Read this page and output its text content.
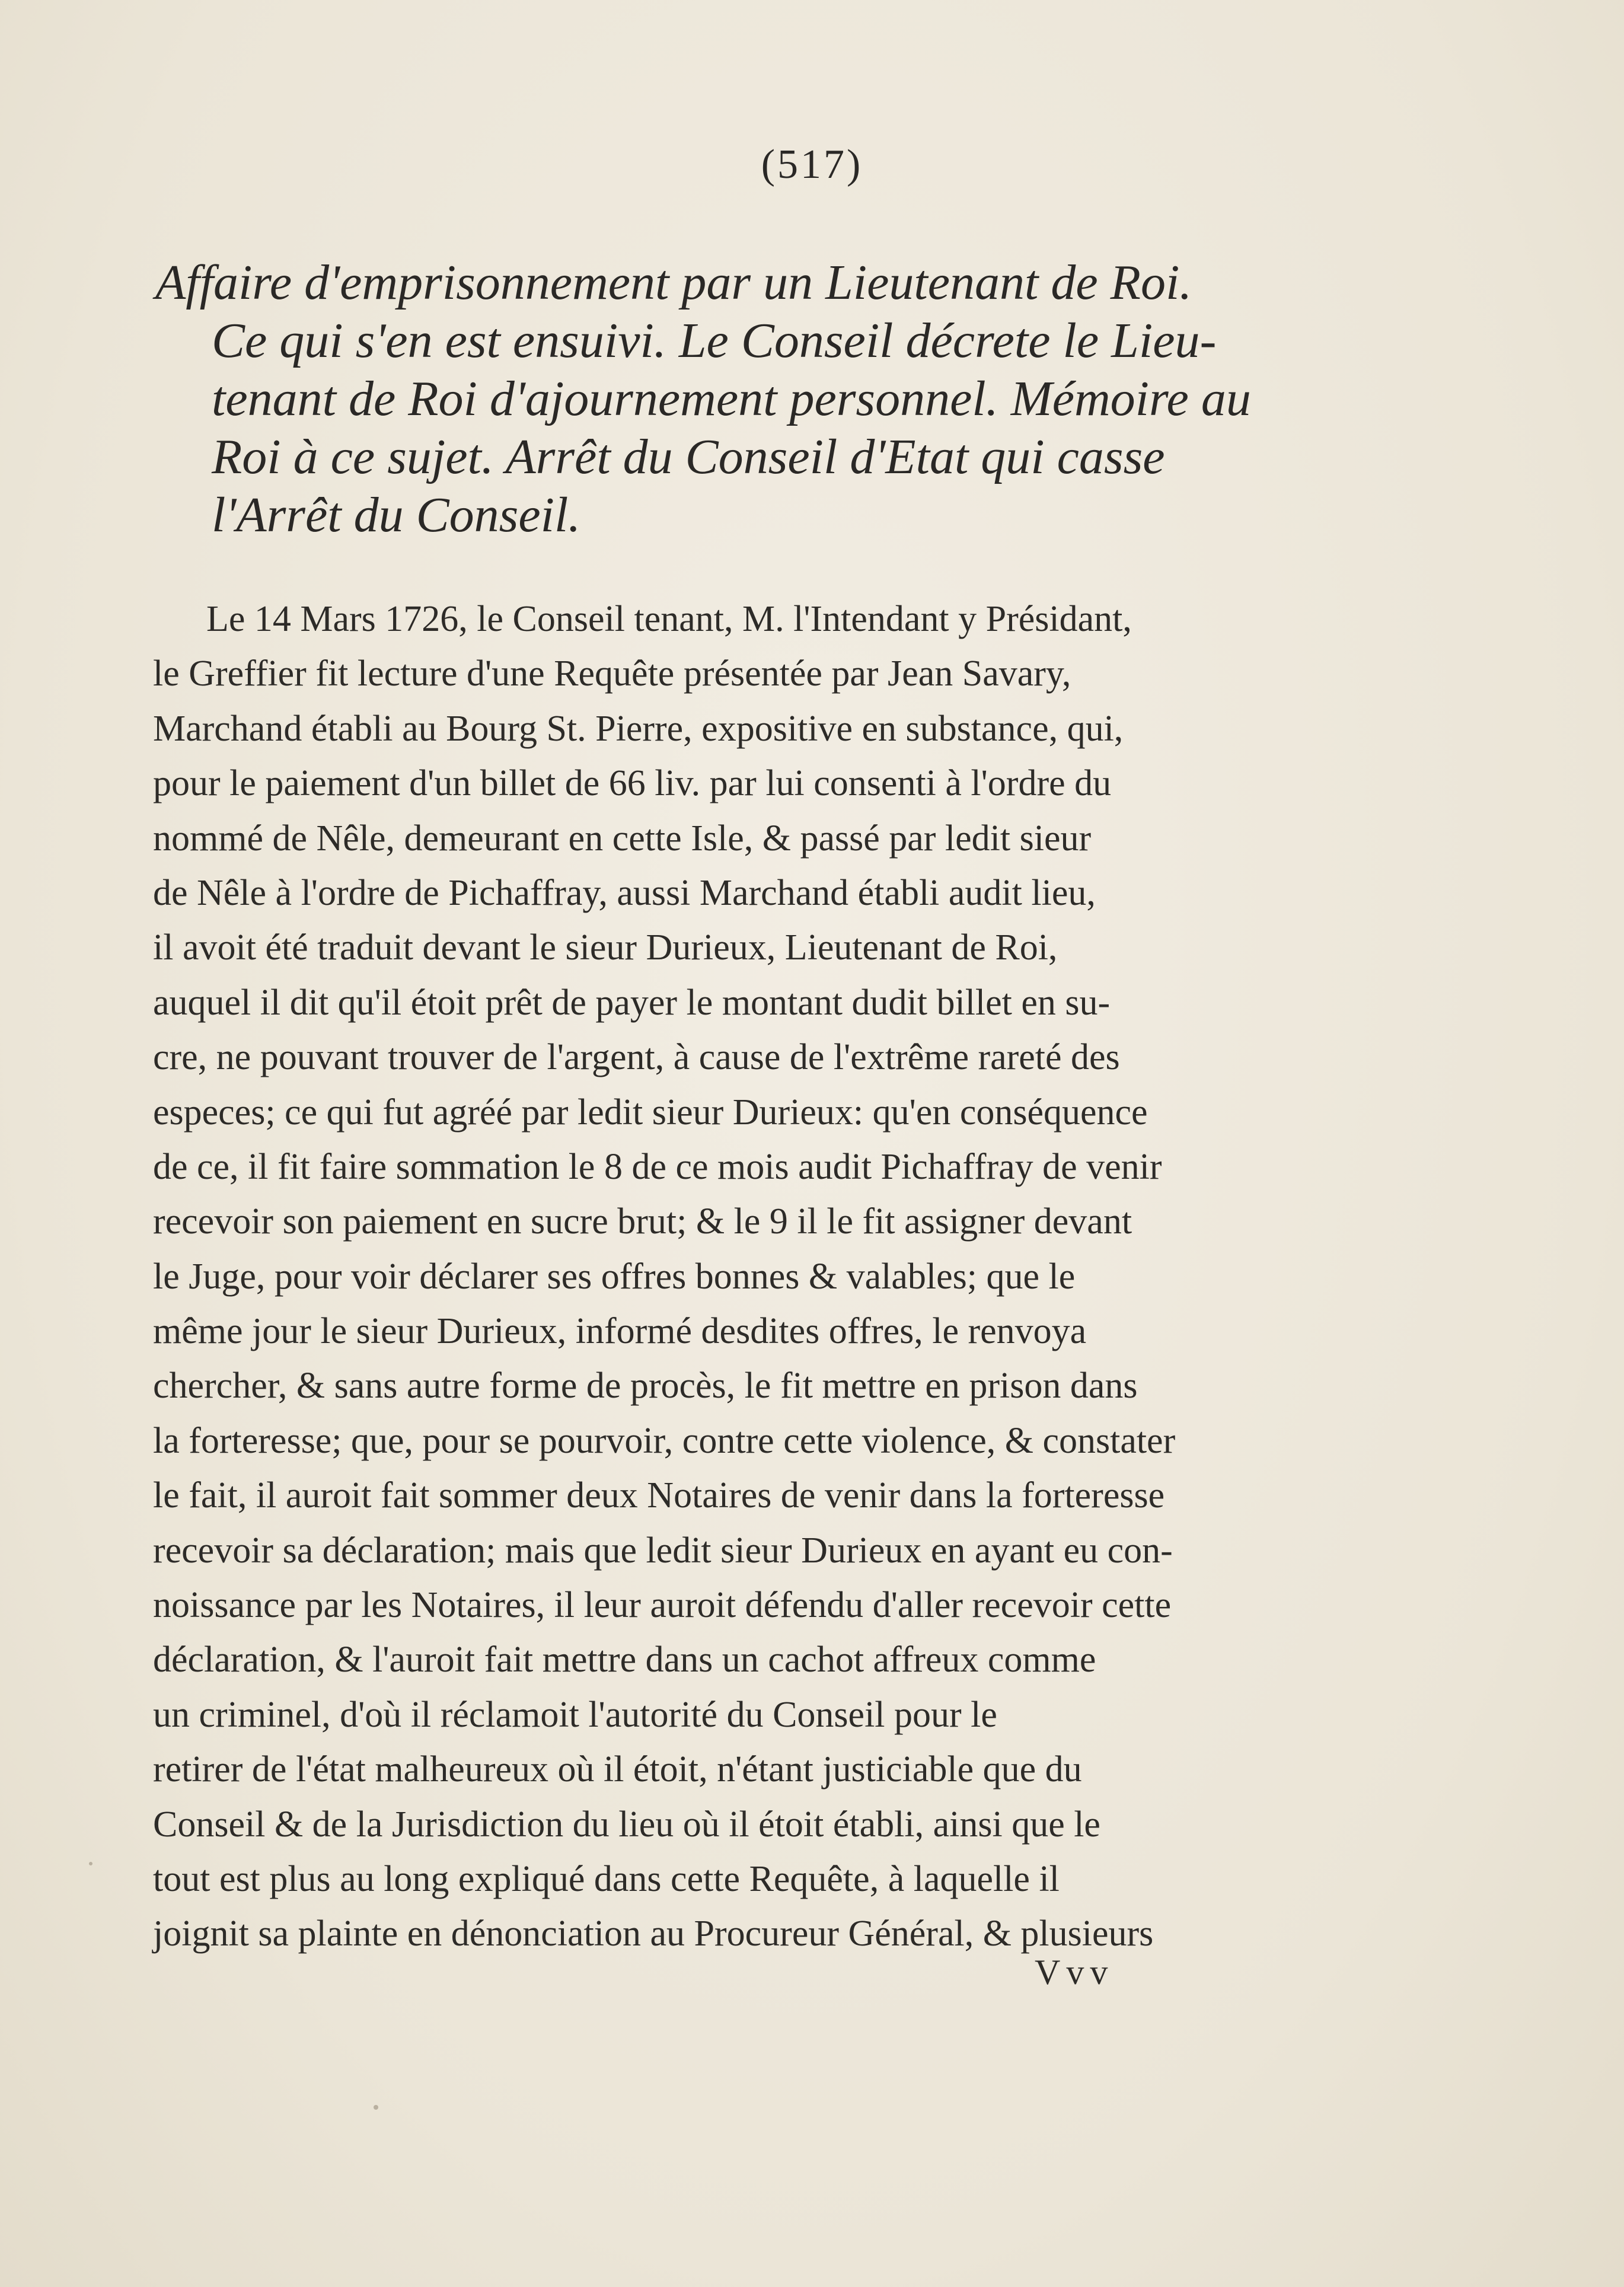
(517)
Affaire d'emprisonnement par un Lieutenant de Roi.
Ce qui s'en est ensuivi. Le Conseil décrete le Lieu-
tenant de Roi d'ajournement personnel. Mémoire au
Roi à ce sujet. Arrêt du Conseil d'Etat qui casse
l'Arrêt du Conseil.
Le 14 Mars 1726, le Conseil tenant, M. l'Intendant y Présidant,
le Greffier fit lecture d'une Requête présentée par Jean Savary,
Marchand établi au Bourg St. Pierre, expositive en substance, qui,
pour le paiement d'un billet de 66 liv. par lui consenti à l'ordre du
nommé de Nêle, demeurant en cette Isle, & passé par ledit sieur
de Nêle à l'ordre de Pichaffray, aussi Marchand établi audit lieu,
il avoit été traduit devant le sieur Durieux, Lieutenant de Roi,
auquel il dit qu'il étoit prêt de payer le montant dudit billet en su-
cre, ne pouvant trouver de l'argent, à cause de l'extrême rareté des
especes; ce qui fut agréé par ledit sieur Durieux: qu'en conséquence
de ce, il fit faire sommation le 8 de ce mois audit Pichaffray de venir
recevoir son paiement en sucre brut; & le 9 il le fit assigner devant
le Juge, pour voir déclarer ses offres bonnes & valables; que le
même jour le sieur Durieux, informé desdites offres, le renvoya
chercher, & sans autre forme de procès, le fit mettre en prison dans
la forteresse; que, pour se pourvoir, contre cette violence, & constater
le fait, il auroit fait sommer deux Notaires de venir dans la forteresse
recevoir sa déclaration; mais que ledit sieur Durieux en ayant eu con-
noissance par les Notaires, il leur auroit défendu d'aller recevoir cette
déclaration, & l'auroit fait mettre dans un cachot affreux comme
un criminel, d'où il réclamoit l'autorité du Conseil pour le
retirer de l'état malheureux où il étoit, n'étant justiciable que du
Conseil & de la Jurisdiction du lieu où il étoit établi, ainsi que le
tout est plus au long expliqué dans cette Requête, à laquelle il
joignit sa plainte en dénonciation au Procureur Général, & plusieurs
Vvv
